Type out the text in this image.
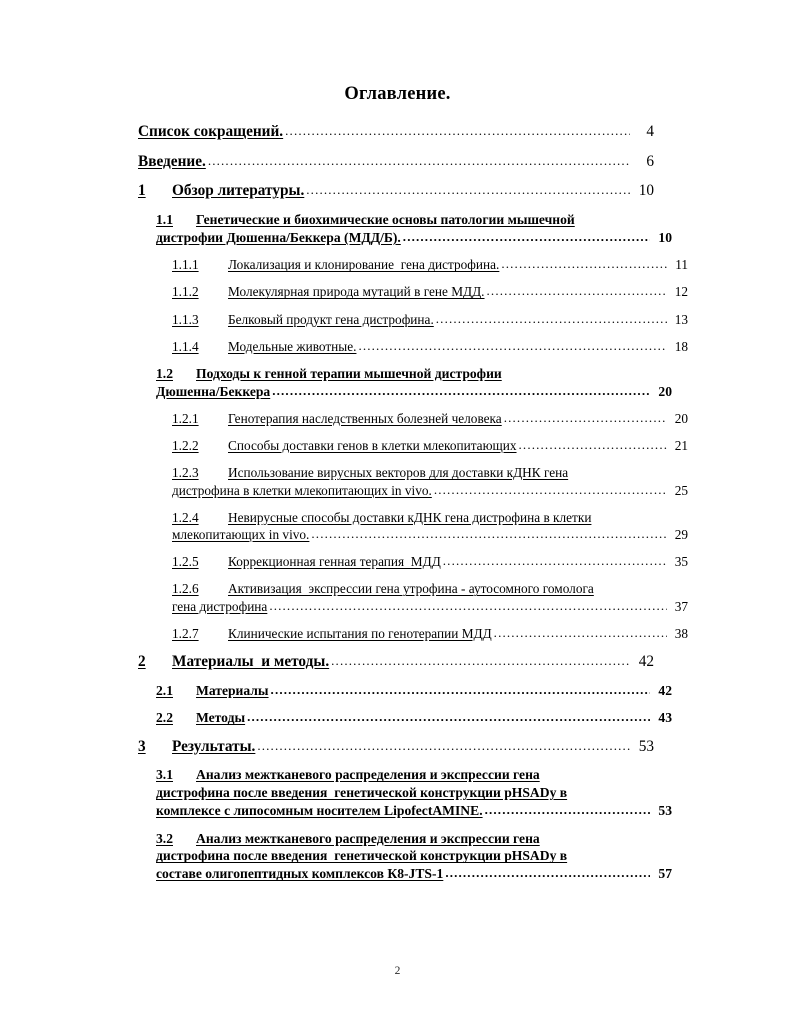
Оглавление.
Список сокращений. .....	4
Введение. .....	6
1	Обзор литературы. .....	10
1.1	Генетические и биохимические основы патологии мышечной
дистрофии Дюшенна/Беккера (МДД/Б). .....	10
1.1.1	Локализация и клонирование  гена дистрофина. .....	11
1.1.2	Молекулярная природа мутаций в гене МДД. .....	12
1.1.3	Белковый продукт гена дистрофина. .....	13
1.1.4	Модельные животные. .....	18
1.2	Подходы к генной терапии мышечной дистрофии
Дюшенна/Беккера .....	20
1.2.1	Генотерапия наследственных болезней человека .....	20
1.2.2	Способы доставки генов в клетки млекопитающих .....	21
1.2.3	Использование вирусных векторов для доставки кДНК гена
дистрофина в клетки млекопитающих in vivo. .....	25
1.2.4	Невирусные способы доставки кДНК гена дистрофина в клетки
млекопитающих in vivo. .....	29
1.2.5	Коррекционная генная терапия  МДД .....	35
1.2.6	Активизация  экспрессии гена утрофина - аутосомного гомолога
гена дистрофина .....	37
1.2.7	Клинические испытания по генотерапии МДД .....	38
2	Материалы  и методы. .....	42
2.1	Материалы .....	42
2.2	Методы .....	43
3	Результаты. .....	53
3.1	Анализ межтканевого распределения и экспрессии гена
дистрофина после введения  генетической конструкции pHSADy в
комплексе с липосомным носителем LipofectAMINE. .....	53
3.2	Анализ межтканевого распределения и экспрессии гена
дистрофина после введения  генетической конструкции pHSADy в
составе олигопептидных комплексов К8-JTS-1 .....	57
2
